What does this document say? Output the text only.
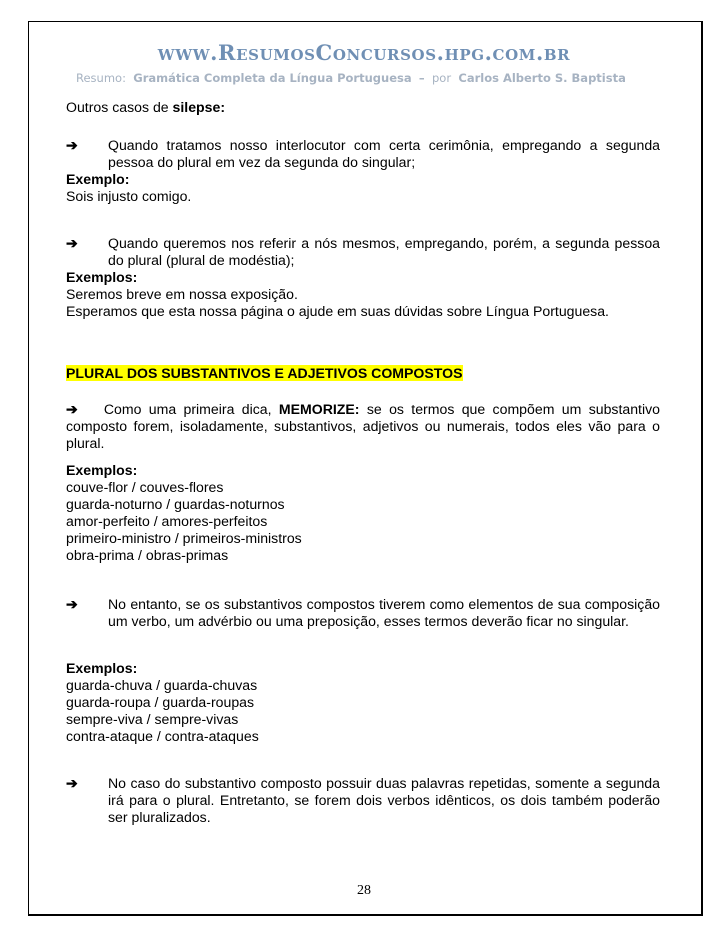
www.ResumosConcursos.hpg.com.br
Resumo: Gramática Completa da Língua Portuguesa – por Carlos Alberto S. Baptista
Outros casos de silepse:
➔ Quando tratamos nosso interlocutor com certa cerimônia, empregando a segunda pessoa do plural em vez da segunda do singular;

Exemplo:

Sois injusto comigo.

➔ Quando queremos nos referir a nós mesmos, empregando, porém, a segunda pessoa do plural (plural de modéstia);

Exemplos:

Seremos breve em nossa exposição.

Esperamos que esta nossa página o ajude em suas dúvidas sobre Língua Portuguesa.

PLURAL DOS SUBSTANTIVOS E ADJETIVOS COMPOSTOS

➔ Como uma primeira dica, MEMORIZE: se os termos que compõem um substantivo composto forem, isoladamente, substantivos, adjetivos ou numerais, todos eles vão para o plural.

Exemplos:

couve-flor / couves-flores

guarda-noturno / guardas-noturnos

amor-perfeito / amores-perfeitos

primeiro-ministro / primeiros-ministros

obra-prima / obras-primas

➔ No entanto, se os substantivos compostos tiverem como elementos de sua composição um verbo, um advérbio ou uma preposição, esses termos deverão ficar no singular.

Exemplos:

guarda-chuva / guarda-chuvas

guarda-roupa / guarda-roupas

sempre-viva / sempre-vivas

contra-ataque / contra-ataques

➔ No caso do substantivo composto possuir duas palavras repetidas, somente a segunda irá para o plural. Entretanto, se forem dois verbos idênticos, os dois também poderão ser pluralizados.
28
